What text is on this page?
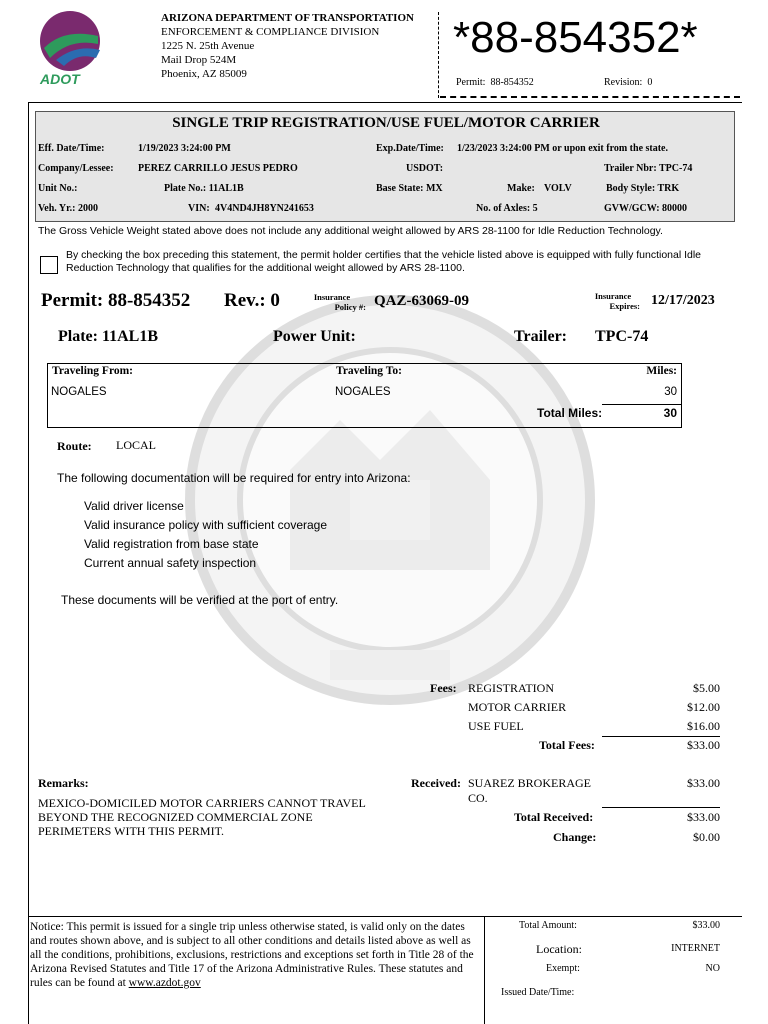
ADOT
ARIZONA DEPARTMENT OF TRANSPORTATION
ENFORCEMENT & COMPLIANCE DIVISION
1225 N. 25th Avenue
Mail Drop 524M
Phoenix, AZ 85009
*88-854352*
Permit: 88-854352	Revision: 0
SINGLE TRIP REGISTRATION/USE FUEL/MOTOR CARRIER
Eff. Date/Time:	1/19/2023 3:24:00 PM	Exp.Date/Time: 1/23/2023 3:24:00 PM or upon exit from the state.
Company/Lessee: PEREZ CARRILLO JESUS PEDRO	USDOT:	Trailer Nbr: TPC-74
Unit No.:	Plate No.: 11AL1B	Base State: MX	Make: VOLV	Body Style: TRK
Veh. Yr.: 2000	VIN: 4V4ND4JH8YN241653	No. of Axles: 5	GVW/GCW: 80000
The Gross Vehicle Weight stated above does not include any additional weight allowed by ARS 28-1100 for Idle Reduction Technology.
By checking the box preceding this statement, the permit holder certifies that the vehicle listed above is equipped with fully functional Idle Reduction Technology that qualifies for the additional weight allowed by ARS 28-1100.
Permit: 88-854352 Rev.: 0	Insurance
Policy #: QAZ-63069-09	Insurance
Expires: 12/17/2023
Plate: 11AL1B	Power Unit:	Trailer: TPC-74
Traveling From:	Traveling To:	Miles:
NOGALES	NOGALES	30
Total Miles:	30
Route: LOCAL
The following documentation will be required for entry into Arizona:
Valid driver license
Valid insurance policy with sufficient coverage
Valid registration from base state
Current annual safety inspection
These documents will be verified at the port of entry.
Fees: REGISTRATION	$5.00
MOTOR CARRIER	$12.00
USE FUEL	$16.00
Total Fees:	$33.00
Received: SUAREZ BROKERAGE
CO.
$33.00
Total Received:	$33.00
Change:	$0.00
Remarks:
MEXICO-DOMICILED MOTOR CARRIERS CANNOT TRAVEL BEYOND THE RECOGNIZED COMMERCIAL ZONE PERIMETERS WITH THIS PERMIT.
Notice: This permit is issued for a single trip unless otherwise stated, is valid only on the dates and routes shown above, and is subject to all other conditions and details listed above as well as all the conditions, prohibitions, exclusions, restrictions and exceptions set forth in Title 28 of the Arizona Revised Statutes and Title 17 of the Arizona Administrative Rules. These statutes and rules can be found at www.azdot.gov
Total Amount:	$33.00
Location:	INTERNET
Exempt:	NO
Issued Date/Time:
